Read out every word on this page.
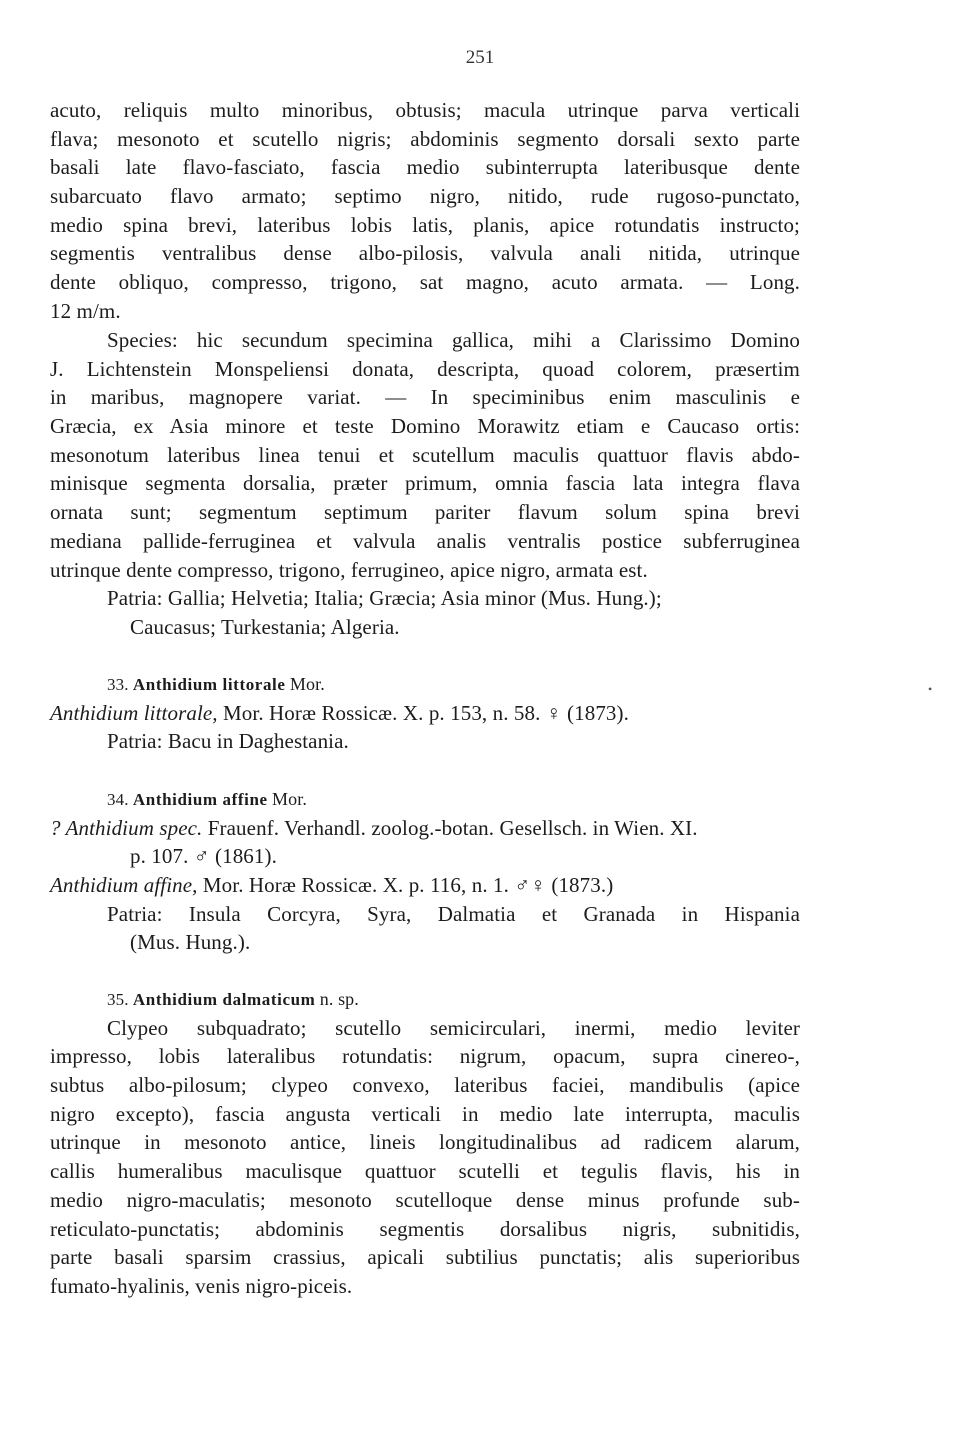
251
acuto, reliquis multo minoribus, obtusis; macula utrinque parva verticali
flava; mesonoto et scutello nigris; abdominis segmento dorsali sexto parte
basali late flavo-fasciato, fascia medio subinterrupta lateribusque dente
subarcuato flavo armato; septimo nigro, nitido, rude rugoso-punctato,
medio spina brevi, lateribus lobis latis, planis, apice rotundatis instructo;
segmentis ventralibus dense albo-pilosis, valvula anali nitida, utrinque
dente obliquo, compresso, trigono, sat magno, acuto armata. — Long.
12 m/m.
Species: hic secundum specimina gallica, mihi a Clarissimo Domino
J. Lichtenstein Monspeliensi donata, descripta, quoad colorem, præsertim
in maribus, magnopere variat. — In speciminibus enim masculinis e
Græcia, ex Asia minore et teste Domino Morawitz etiam e Caucaso ortis:
mesonotum lateribus linea tenui et scutellum maculis quattuor flavis abdo-
minisque segmenta dorsalia, præter primum, omnia fascia lata integra flava
ornata sunt; segmentum septimum pariter flavum solum spina brevi
mediana pallide-ferruginea et valvula analis ventralis postice subferruginea
utrinque dente compresso, trigono, ferrugineo, apice nigro, armata est.
Patria: Gallia; Helvetia; Italia; Græcia; Asia minor (Mus. Hung.);
Caucasus; Turkestania; Algeria.
•
33. Anthidium littorale Mor.
Anthidium littorale, Mor. Horæ Rossicæ. X. p. 153, n. 58. ♀ (1873).
Patria: Bacu in Daghestania.
34. Anthidium affine Mor.
? Anthidium spec. Frauenf. Verhandl. zoolog.-botan. Gesellsch. in Wien. XI.
p. 107. ♂ (1861).
Anthidium affine, Mor. Horæ Rossicæ. X. p. 116, n. 1. ♂♀ (1873.)
Patria: Insula Corcyra, Syra, Dalmatia et Granada in Hispania
(Mus. Hung.).
35. Anthidium dalmaticum n. sp.
Clypeo subquadrato; scutello semicirculari, inermi, medio leviter
impresso, lobis lateralibus rotundatis: nigrum, opacum, supra cinereo-,
subtus albo-pilosum; clypeo convexo, lateribus faciei, mandibulis (apice
nigro excepto), fascia angusta verticali in medio late interrupta, maculis
utrinque in mesonoto antice, lineis longitudinalibus ad radicem alarum,
callis humeralibus maculisque quattuor scutelli et tegulis flavis, his in
medio nigro-maculatis; mesonoto scutelloque dense minus profunde sub-
reticulato-punctatis; abdominis segmentis dorsalibus nigris, subnitidis,
parte basali sparsim crassius, apicali subtilius punctatis; alis superioribus
fumato-hyalinis, venis nigro-piceis.
